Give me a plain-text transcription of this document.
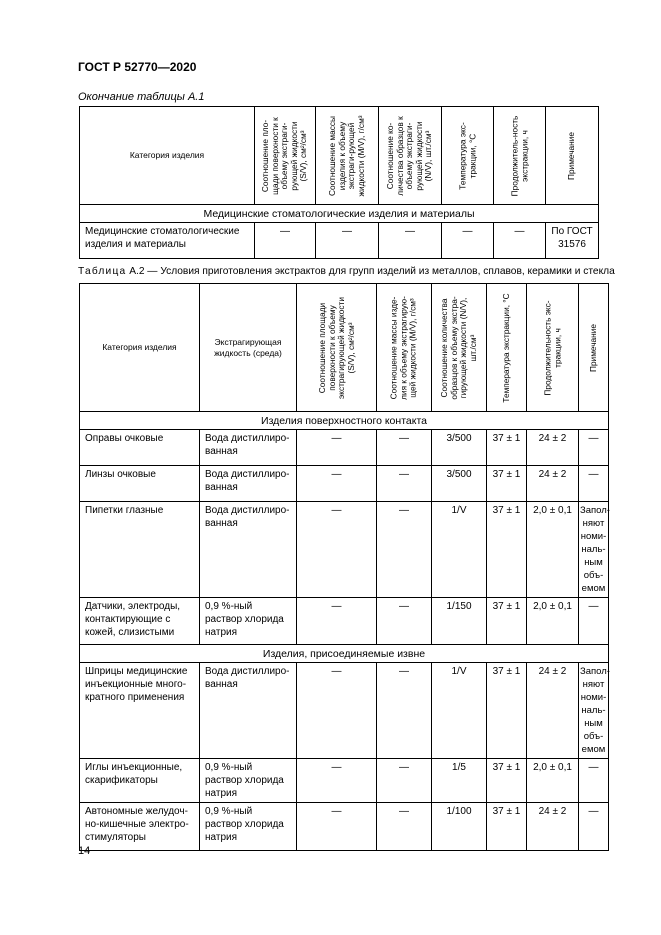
ГОСТ Р 52770—2020
Окончание таблицы А.1
Категория изделия	Соотношение пло-щади поверхности к объему экстраги-рующей жидкости (S/V), см²/см³	Соотношение массы изделия к объему экстраги-рующей жидкости (M/V), г/см³	Соотношение ко-личества образцов к объему экстраги-рующей жидкости (N/V), шт./см³	Температура экс-тракции, °С	Продолжитель-ность экстракции, ч	Примечание

Медицинские стоматологические изделия и материалы						
Медицинские стоматологические изделия и материалы	—	—	—	—	—	По ГОСТ 31576
Таблица А.2 — Условия приготовления экстрактов для групп изделий из металлов, сплавов, керамики и стекла
Категория изделия	Экстрагирующая жидкость (среда)	Соотношение площади поверхности к объему экстрагирующей жидкости (S/V), см²/см³	Соотношение массы изде-лия к объему экстрагирую-щей жидкости (M/V), г/см³	Соотношение количества образцов к объему экстра-гирующей жидкости (N/V), шт./см³	Температура экстракции, °С	Продолжительность экс-тракции, ч	Примечание

Изделия поверхностного контакта							
Оправы очковые	Вода дистиллиро-ванная	—	—	3/500	37 ± 1	24 ± 2	—
Линзы очковые	Вода дистиллиро-ванная	—	—	3/500	37 ± 1	24 ± 2	—
Пипетки глазные	Вода дистиллиро-ванная	—	—	1/V	37 ± 1	2,0 ± 0,1	Запол-няют номи-наль-ным объ-емом
Датчики, электроды, контактирующие с кожей, слизистыми	0,9 %-ный раствор хлорида натрия	—	—	1/150	37 ± 1	2,0 ± 0,1	—
Изделия, присоединяемые извне							
Шприцы медицинские инъекционные много-кратного применения	Вода дистиллиро-ванная	—	—	1/V	37 ± 1	24 ± 2	Запол-няют номи-наль-ным объ-емом
Иглы инъекционные, скарификаторы	0,9 %-ный раствор хлорида натрия	—	—	1/5	37 ± 1	2,0 ± 0,1	—
Автономные желудоч-но-кишечные электро-стимуляторы	0,9 %-ный раствор хлорида натрия	—	—	1/100	37 ± 1	24 ± 2	—
14
